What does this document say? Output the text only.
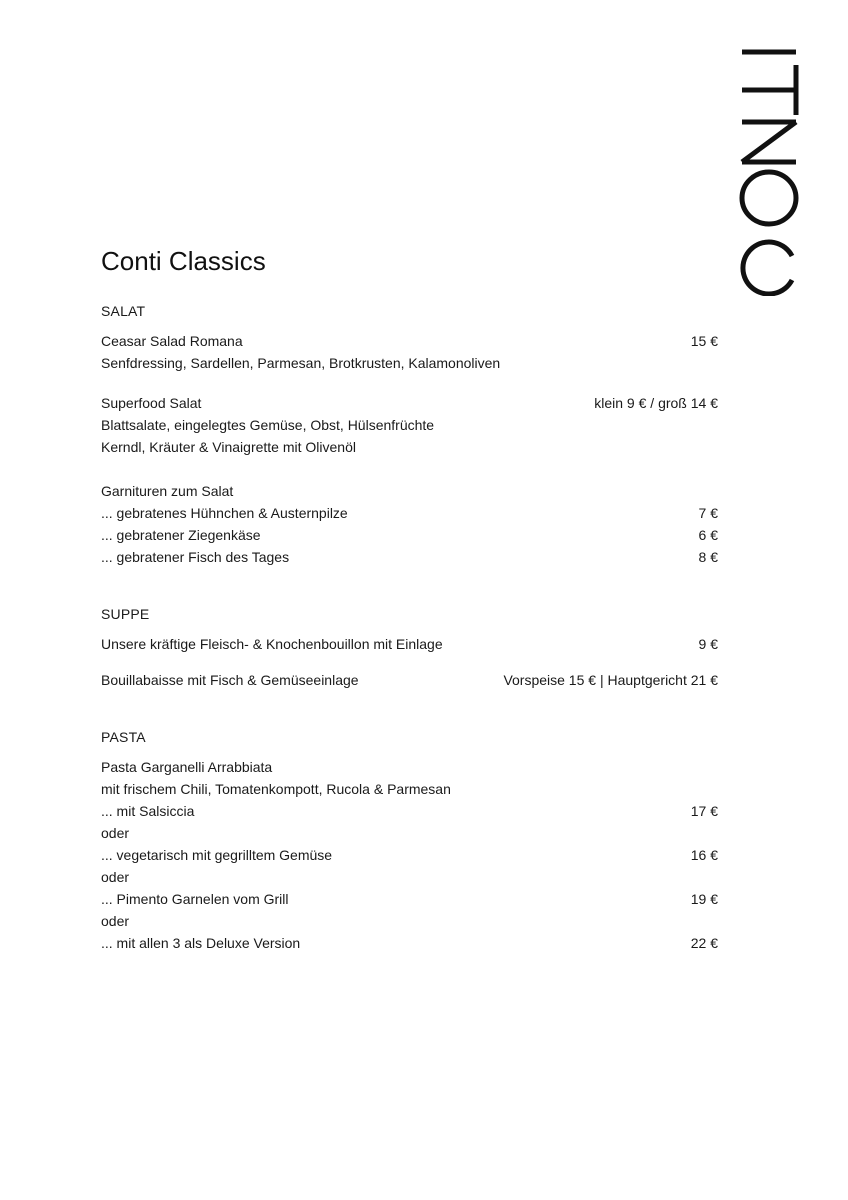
Conti Classics
SALAT
Ceasar Salad Romana	15 €
Senfdressing, Sardellen, Parmesan, Brotkrusten, Kalamonoliven
Superfood Salat	klein 9 € / groß 14 €
Blattsalate, eingelegtes Gemüse, Obst, Hülsenfrüchte
Kerndl, Kräuter & Vinaigrette mit Olivenöl
Garnituren zum Salat
... gebratenes Hühnchen & Austernpilze	7 €
... gebratener Ziegenkäse	6 €
... gebratener Fisch des Tages	8 €
SUPPE
Unsere kräftige Fleisch- & Knochenbouillon mit Einlage	9 €
Bouillabaisse mit Fisch & Gemüseeinlage	Vorspeise 15 € | Hauptgericht 21 €
PASTA
Pasta Garganelli Arrabbiata
mit frischem Chili, Tomatenkompott, Rucola & Parmesan
... mit Salsiccia	17 €
oder
... vegetarisch mit gegrilltem Gemüse	16 €
oder
... Pimento Garnelen vom Grill	19 €
oder
... mit allen 3 als Deluxe Version	22 €
